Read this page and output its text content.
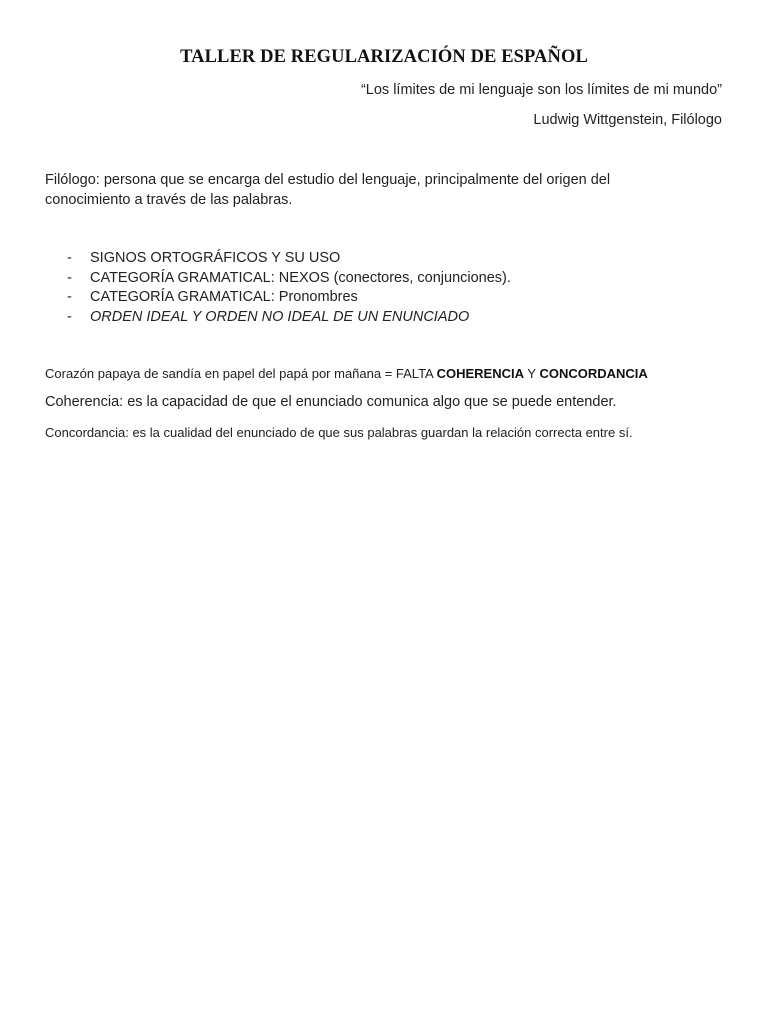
TALLER DE REGULARIZACIÓN DE ESPAÑOL
“Los límites de mi lenguaje son los límites de mi mundo”
Ludwig Wittgenstein, Filólogo
Filólogo: persona que se encarga del estudio del lenguaje, principalmente del origen del conocimiento a través de las palabras.
- SIGNOS ORTOGRÁFICOS Y SU USO
- CATEGORÍA GRAMATICAL: NEXOS (conectores, conjunciones).
- CATEGORÍA GRAMATICAL: Pronombres
- ORDEN IDEAL Y ORDEN NO IDEAL DE UN ENUNCIADO
Corazón papaya de sandía en papel del papá por mañana = FALTA COHERENCIA Y CONCORDANCIA
Coherencia: es la capacidad de que el enunciado comunica algo que se puede entender.
Concordancia: es la cualidad del enunciado de que sus palabras guardan la relación correcta entre sí.
